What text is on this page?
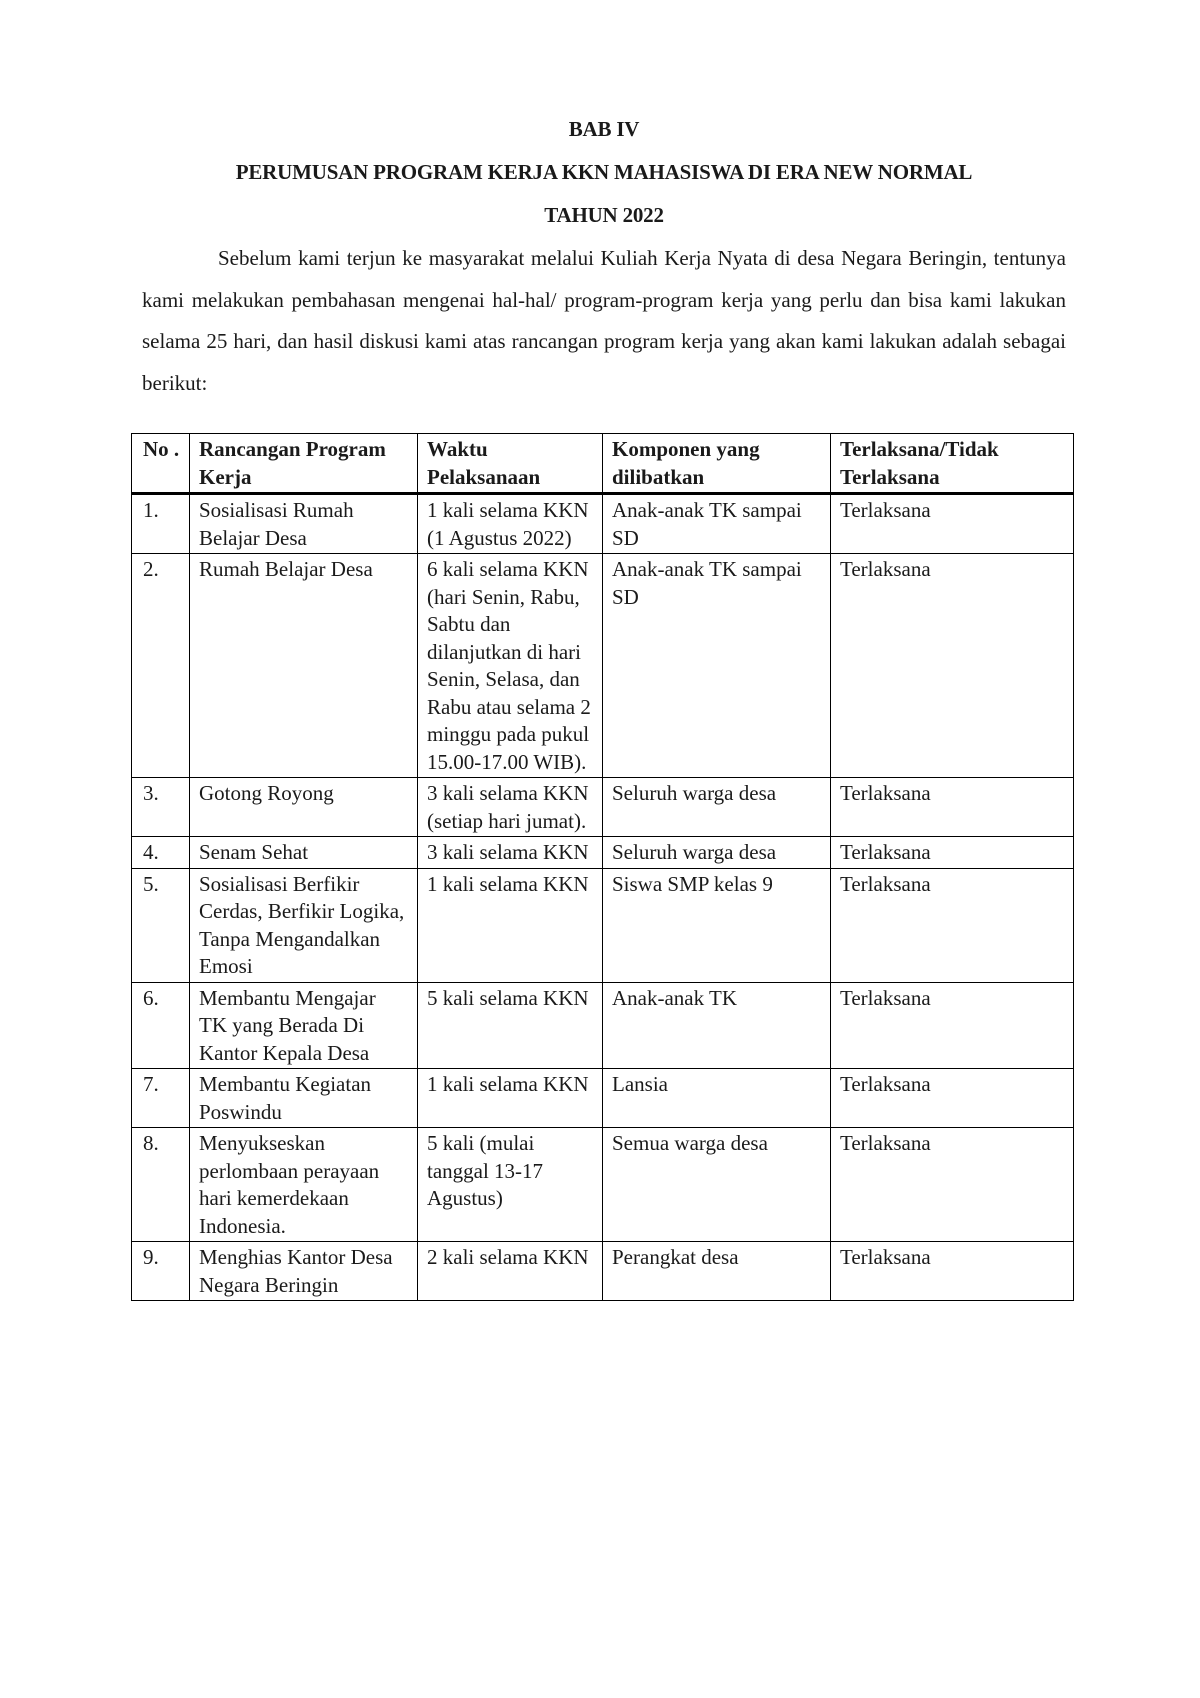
BAB IV
PERUMUSAN PROGRAM KERJA KKN MAHASISWA DI ERA NEW NORMAL
TAHUN 2022

Sebelum kami terjun ke masyarakat melalui Kuliah Kerja Nyata di desa Negara Beringin, tentunya kami melakukan pembahasan mengenai hal-hal/ program-program kerja yang perlu dan bisa kami lakukan selama 25 hari, dan hasil diskusi kami atas rancangan program kerja yang akan kami lakukan adalah sebagai berikut:

No .	Rancangan Program Kerja	Waktu Pelaksanaan	Komponen yang dilibatkan	Terlaksana/Tidak Terlaksana
1.	Sosialisasi Rumah Belajar Desa	1 kali selama KKN (1 Agustus 2022)	Anak-anak TK sampai SD	Terlaksana
2.	Rumah Belajar Desa	6 kali selama KKN (hari Senin, Rabu, Sabtu dan dilanjutkan di hari Senin, Selasa, dan Rabu atau selama 2 minggu pada pukul 15.00-17.00 WIB).	Anak-anak TK sampai SD	Terlaksana
3.	Gotong Royong	3 kali selama KKN (setiap hari jumat).	Seluruh warga desa	Terlaksana
4.	Senam Sehat	3 kali selama KKN	Seluruh warga desa	Terlaksana
5.	Sosialisasi Berfikir Cerdas, Berfikir Logika, Tanpa Mengandalkan Emosi	1 kali selama KKN	Siswa SMP kelas 9	Terlaksana
6.	Membantu Mengajar TK yang Berada Di Kantor Kepala Desa	5 kali selama KKN	Anak-anak TK	Terlaksana
7.	Membantu Kegiatan Poswindu	1 kali selama KKN	Lansia	Terlaksana
8.	Menyukseskan perlombaan perayaan hari kemerdekaan Indonesia.	5 kali (mulai tanggal 13-17 Agustus)	Semua warga desa	Terlaksana
9.	Menghias Kantor Desa Negara Beringin	2 kali selama KKN	Perangkat desa	Terlaksana
